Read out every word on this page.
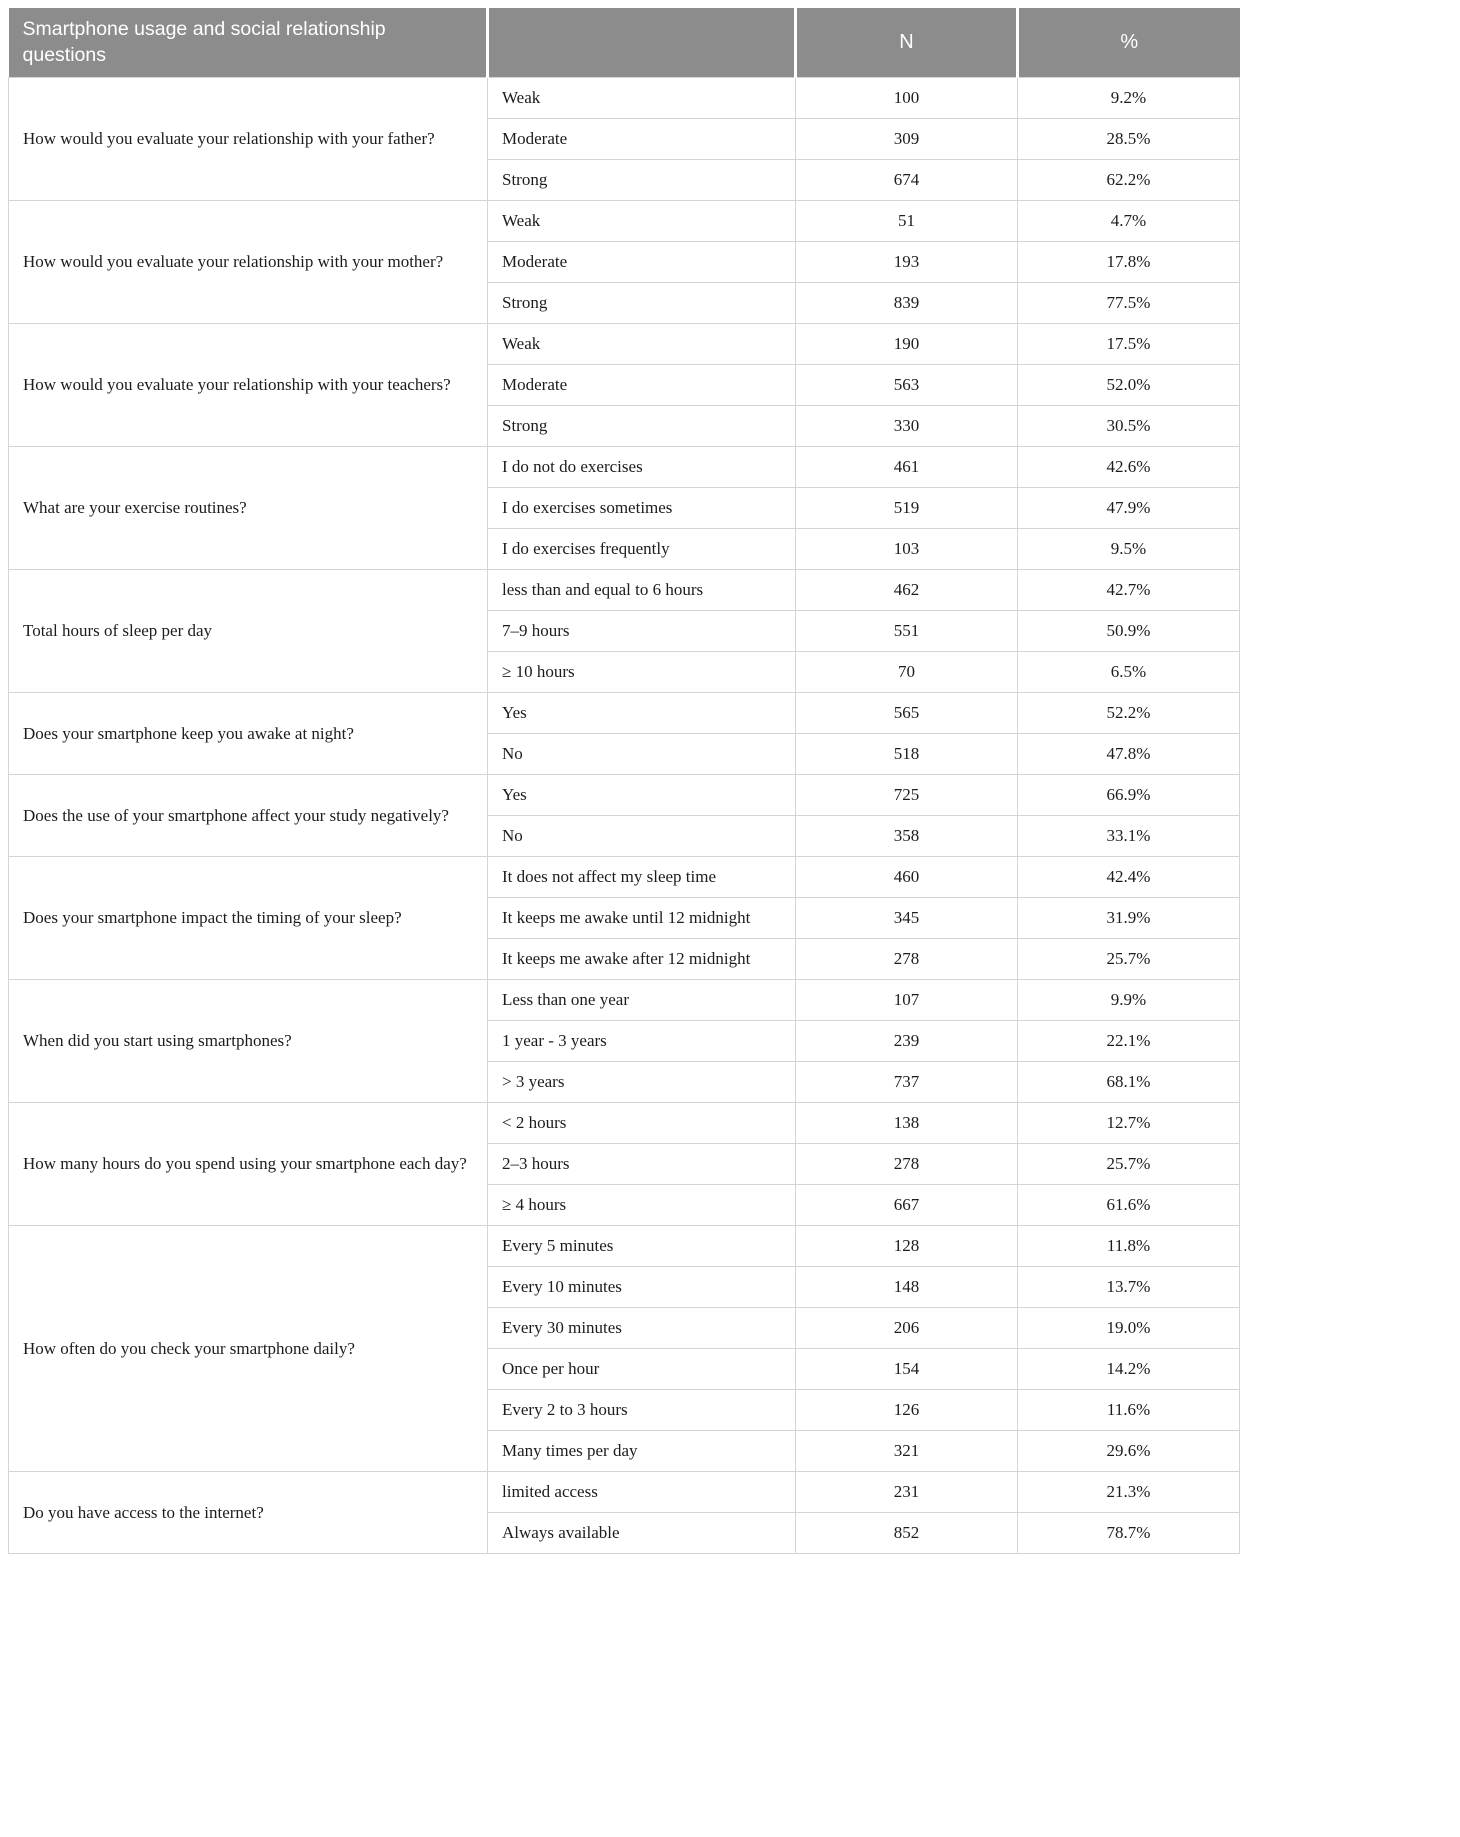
Smartphone usage and social relationship questions		N	%
How would you evaluate your relationship with your father?	Weak	100	9.2%
	Moderate	309	28.5%
	Strong	674	62.2%
How would you evaluate your relationship with your mother?	Weak	51	4.7%
	Moderate	193	17.8%
	Strong	839	77.5%
How would you evaluate your relationship with your teachers?	Weak	190	17.5%
	Moderate	563	52.0%
	Strong	330	30.5%
What are your exercise routines?	I do not do exercises	461	42.6%
	I do exercises sometimes	519	47.9%
	I do exercises frequently	103	9.5%
Total hours of sleep per day	less than and equal to 6 hours	462	42.7%
	7–9 hours	551	50.9%
	≥ 10 hours	70	6.5%
Does your smartphone keep you awake at night?	Yes	565	52.2%
	No	518	47.8%
Does the use of your smartphone affect your study negatively?	Yes	725	66.9%
	No	358	33.1%
Does your smartphone impact the timing of your sleep?	It does not affect my sleep time	460	42.4%
	It keeps me awake until 12 midnight	345	31.9%
	It keeps me awake after 12 midnight	278	25.7%
When did you start using smartphones?	Less than one year	107	9.9%
	1 year - 3 years	239	22.1%
	> 3 years	737	68.1%
How many hours do you spend using your smartphone each day?	< 2 hours	138	12.7%
	2–3 hours	278	25.7%
	≥ 4 hours	667	61.6%
How often do you check your smartphone daily?	Every 5 minutes	128	11.8%
	Every 10 minutes	148	13.7%
	Every 30 minutes	206	19.0%
	Once per hour	154	14.2%
	Every 2 to 3 hours	126	11.6%
	Many times per day	321	29.6%
Do you have access to the internet?	limited access	231	21.3%
	Always available	852	78.7%
